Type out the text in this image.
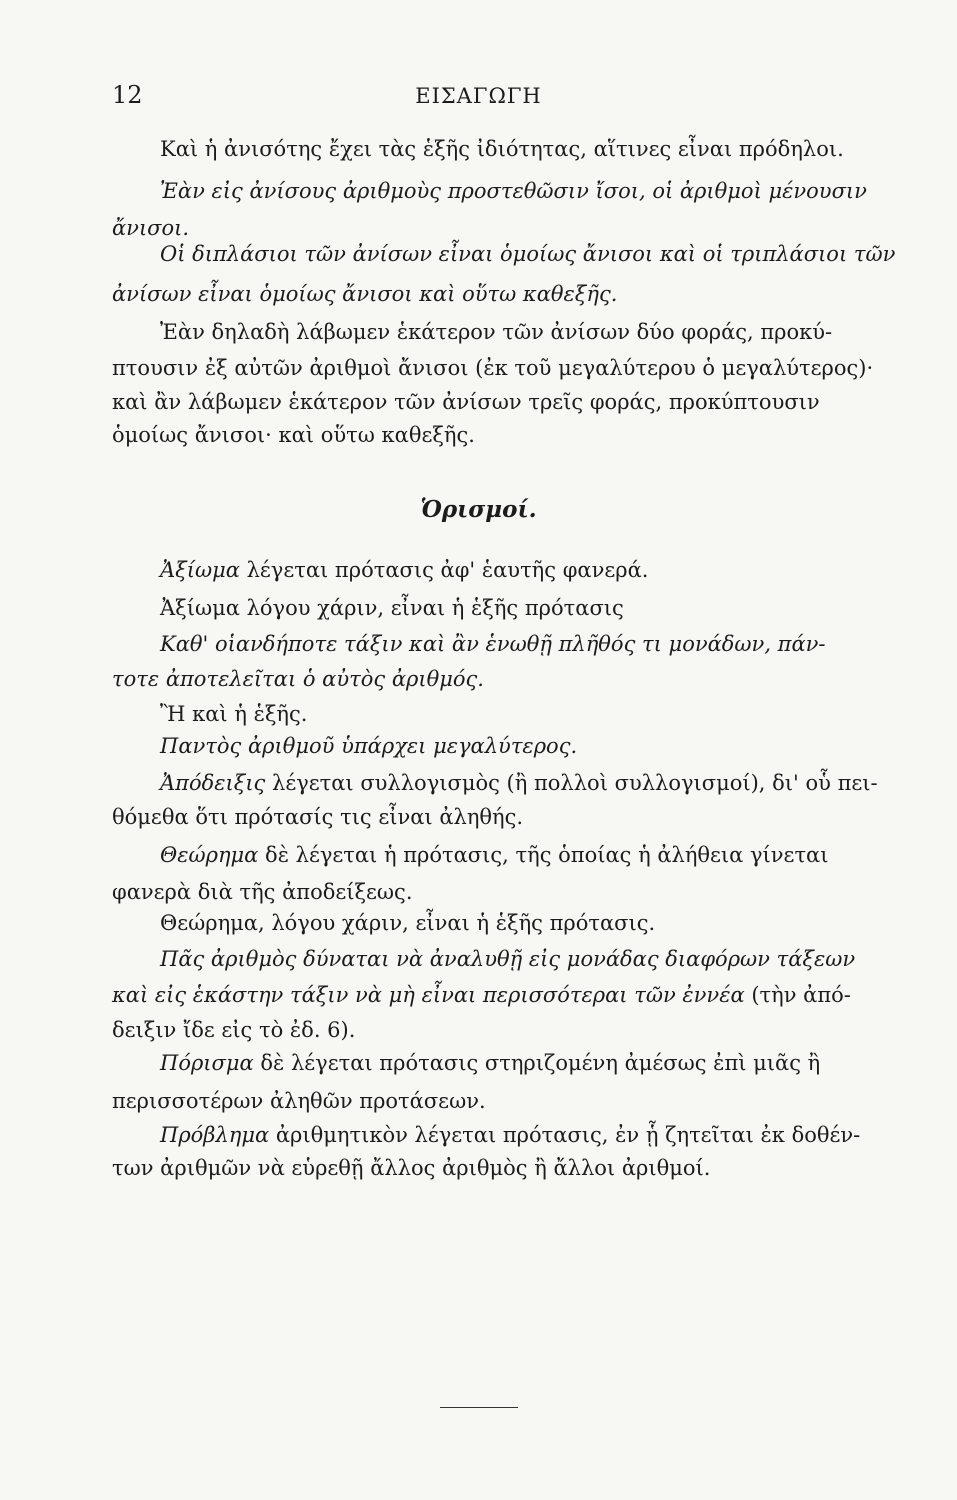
12	ΕΙΣΑΓΩΓΗ
Καὶ ἡ ἀνισότης ἔχει τὰς ἑξῆς ἰδιότητας, αἵτινες εἶναι πρόδηλοι.
Ἐὰν εἰς ἀνίσους ἀριθμοὺς προστεθῶσιν ἴσοι, οἱ ἀριθμοὶ μένουσιν
ἄνισοι.
Οἱ διπλάσιοι τῶν ἀνίσων εἶναι ὁμοίως ἄνισοι καὶ οἱ τριπλάσιοι τῶν
ἀνίσων εἶναι ὁμοίως ἄνισοι καὶ οὕτω καθεξῆς.
Ἐὰν δηλαδὴ λάβωμεν ἑκάτερον τῶν ἀνίσων δύο φοράς, προκύ-
πτουσιν ἐξ αὐτῶν ἀριθμοὶ ἄνισοι (ἐκ τοῦ μεγαλύτερου ὁ μεγαλύτερος)·
καὶ ἂν λάβωμεν ἑκάτερον τῶν ἀνίσων τρεῖς φοράς, προκύπτουσιν
ὁμοίως ἄνισοι· καὶ οὕτω καθεξῆς.
Ὁρισμοί.
Ἀξίωμα λέγεται πρότασις ἀφ' ἑαυτῆς φανερά.
Ἀξίωμα λόγου χάριν, εἶναι ἡ ἑξῆς πρότασις
Καθ' οἱανδήποτε τάξιν καὶ ἂν ἑνωθῇ πλῆθός τι μονάδων, πάν-
τοτε ἀποτελεῖται ὁ αὐτὸς ἀριθμός.
Ἢ καὶ ἡ ἑξῆς.
Παντὸς ἀριθμοῦ ὑπάρχει μεγαλύτερος.
Ἀπόδειξις λέγεται συλλογισμὸς (ἢ πολλοὶ συλλογισμοί), δι' οὗ πει-
θόμεθα ὅτι πρότασίς τις εἶναι ἀληθής.
Θεώρημα δὲ λέγεται ἡ πρότασις, τῆς ὁποίας ἡ ἀλήθεια γίνεται
φανερὰ διὰ τῆς ἀποδείξεως.
Θεώρημα, λόγου χάριν, εἶναι ἡ ἑξῆς πρότασις.
Πᾶς ἀριθμὸς δύναται νὰ ἀναλυθῇ εἰς μονάδας διαφόρων τάξεων
καὶ εἰς ἑκάστην τάξιν νὰ μὴ εἶναι περισσότεραι τῶν ἐννέα (τὴν ἀπό-
δειξιν ἴδε εἰς τὸ ἐδ. 6).
Πόρισμα δὲ λέγεται πρότασις στηριζομένη ἀμέσως ἐπὶ μιᾶς ἢ
περισσοτέρων ἀληθῶν προτάσεων.
Πρόβλημα ἀριθμητικὸν λέγεται πρότασις, ἐν ᾗ ζητεῖται ἐκ δοθέν-
των ἀριθμῶν νὰ εὑρεθῇ ἄλλος ἀριθμὸς ἢ ἄλλοι ἀριθμοί.
